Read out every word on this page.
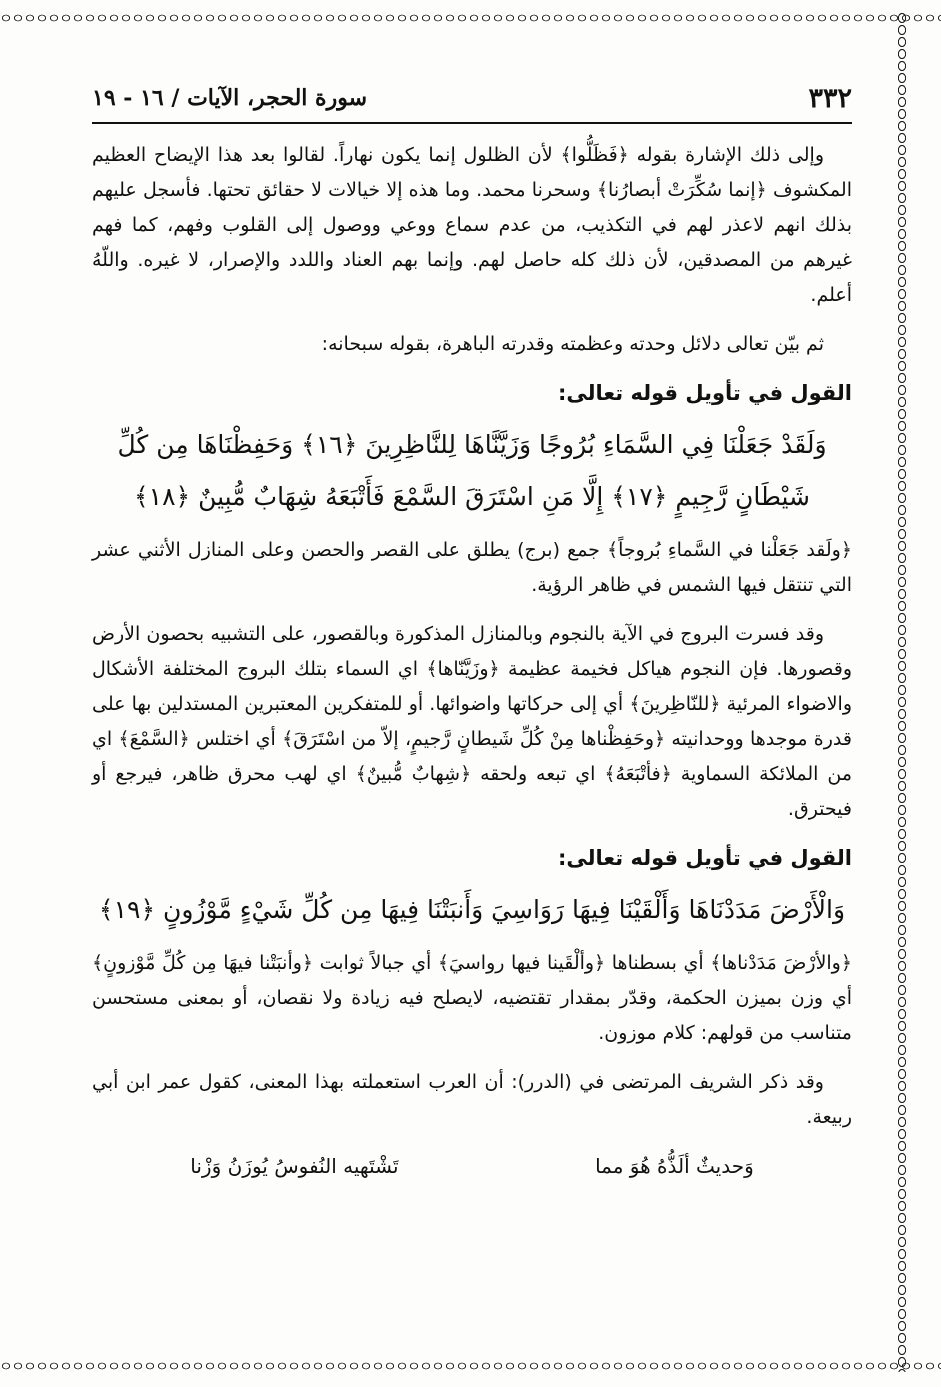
٣٣٢
سورة الحجر، الآيات / ١٦ - ١٩

وإلى ذلك الإشارة بقوله ﴿فَظَلُّوا﴾ لأن الظلول إنما يكون نهاراً. لقالوا بعد هذا الإيضاح العظيم المكشوف ﴿إنما سُكِّرَتْ أبصارُنا﴾ وسحرنا محمد. وما هذه إلا خيالات لا حقائق تحتها. فأسجل عليهم بذلك انهم لاعذر لهم في التكذيب، من عدم سماع ووعي ووصول إلى القلوب وفهم، كما فهم غيرهم من المصدقين، لأن ذلك كله حاصل لهم. وإنما بهم العناد واللدد والإصرار، لا غيره. واللّهُ أعلم.

ثم بيّن تعالى دلائل وحدته وعظمته وقدرته الباهرة، بقوله سبحانه:

القول في تأويل قوله تعالى:
وَلَقَدْ جَعَلْنَا فِي السَّمَاءِ بُرُوجًا وَزَيَّنَّاهَا لِلنَّاظِرِينَ ﴿١٦﴾ وَحَفِظْنَاهَا مِن كُلِّ
شَيْطَانٍ رَّجِيمٍ ﴿١٧﴾ إِلَّا مَنِ اسْتَرَقَ السَّمْعَ فَأَتْبَعَهُ شِهَابٌ مُّبِينٌ ﴿١٨﴾

﴿ولَقد جَعَلْنا في السَّماءِ بُروجاً﴾ جمع (برج) يطلق على القصر والحصن وعلى المنازل الأثني عشر التي تنتقل فيها الشمس في ظاهر الرؤية.

وقد فسرت البروج في الآية بالنجوم وبالمنازل المذكورة وبالقصور، على التشبيه بحصون الأرض وقصورها. فإن النجوم هياكل فخيمة عظيمة ﴿وزَيَّنّاها﴾ اي السماء بتلك البروج المختلفة الأشكال والاضواء المرئية ﴿للنّاظِرينَ﴾ أي إلى حركاتها واضوائها. أو للمتفكرين المعتبرين المستدلين بها على قدرة موجدها ووحدانيته ﴿وحَفِظْناها مِنْ كُلِّ شَيطانٍ رَّجيمٍ، إلاّ من اسْتَرَقَ﴾ أي اختلس ﴿السَّمْعَ﴾ اي من الملائكة السماوية ﴿فأتْبَعَهُ﴾ اي تبعه ولحقه ﴿شِهابٌ مُّبينٌ﴾ اي لهب محرق ظاهر، فيرجع أو فيحترق.

القول في تأويل قوله تعالى:
وَالْأَرْضَ مَدَدْنَاهَا وَأَلْقَيْنَا فِيهَا رَوَاسِيَ وَأَنبَتْنَا فِيهَا مِن كُلِّ شَيْءٍ مَّوْزُونٍ ﴿١٩﴾

﴿والأرْضَ مَدَدْناها﴾ أي بسطناها ﴿وألْقَينا فيها رواسيَ﴾ أي جبالاً ثوابت ﴿وأنبَتْنا فيهَا مِن كُلِّ مَّوْزونٍ﴾ أي وزن بميزن الحكمة، وقدّر بمقدار تقتضيه، لايصلح فيه زيادة ولا نقصان، أو بمعنى مستحسن متناسب من قولهم: كلام موزون.

وقد ذكر الشريف المرتضى في (الدرر): أن العرب استعملته بهذا المعنى، كقول عمر ابن أبي ربيعة.

وَحديثٌ ألَذُّهُ هُوَ مما
تَشْتَهيه النُفوسُ يُوزَنُ وَزْنا
